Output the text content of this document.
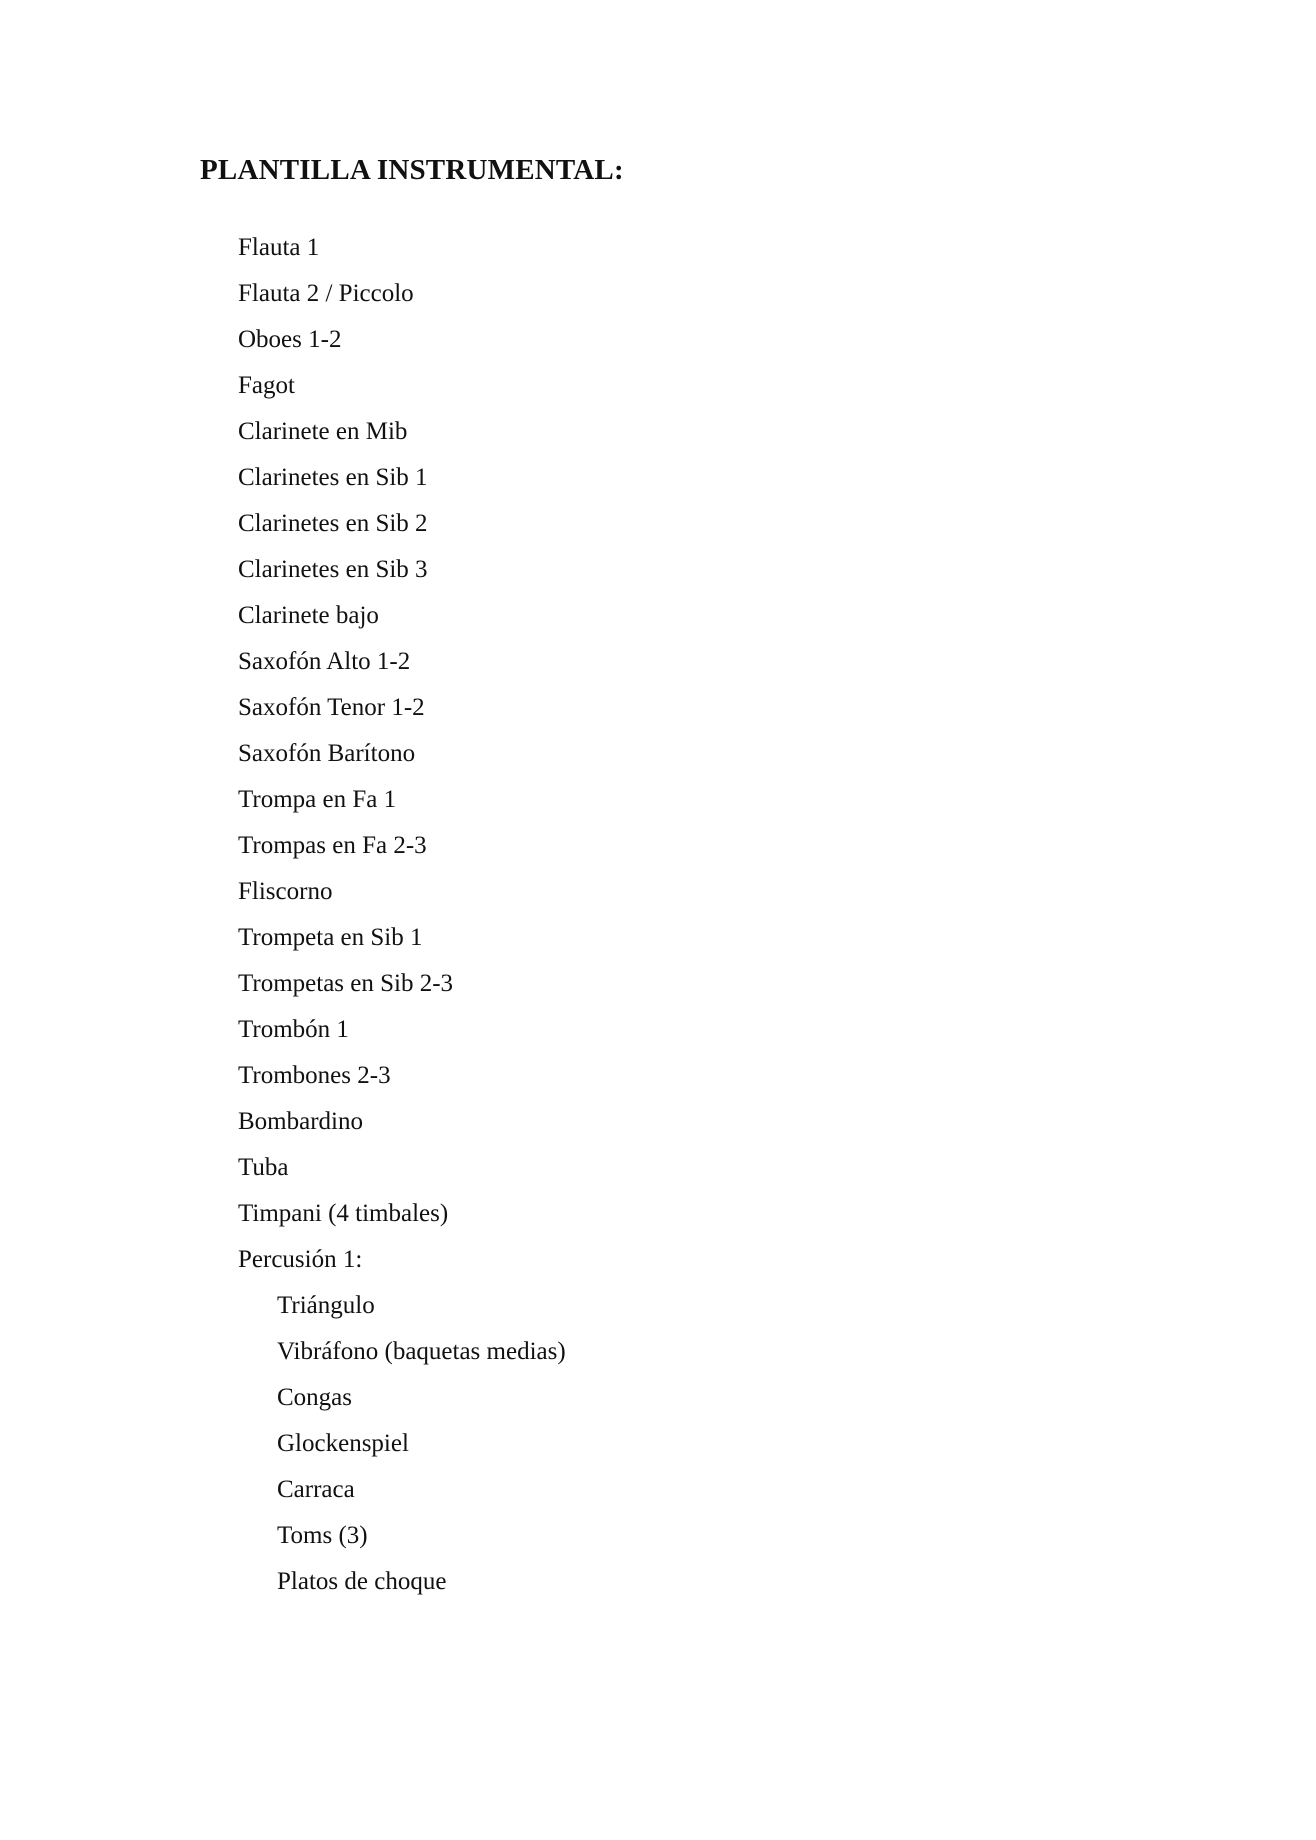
PLANTILLA INSTRUMENTAL:
Flauta 1
Flauta 2 / Piccolo
Oboes 1-2
Fagot
Clarinete en Mib
Clarinetes en Sib 1
Clarinetes en Sib 2
Clarinetes en Sib 3
Clarinete bajo
Saxofón Alto 1-2
Saxofón Tenor 1-2
Saxofón Barítono
Trompa en Fa 1
Trompas en Fa 2-3
Fliscorno
Trompeta en Sib 1
Trompetas en Sib 2-3
Trombón 1
Trombones 2-3
Bombardino
Tuba
Timpani (4 timbales)
Percusión 1:
Triángulo
Vibráfono (baquetas medias)
Congas
Glockenspiel
Carraca
Toms (3)
Platos de choque
